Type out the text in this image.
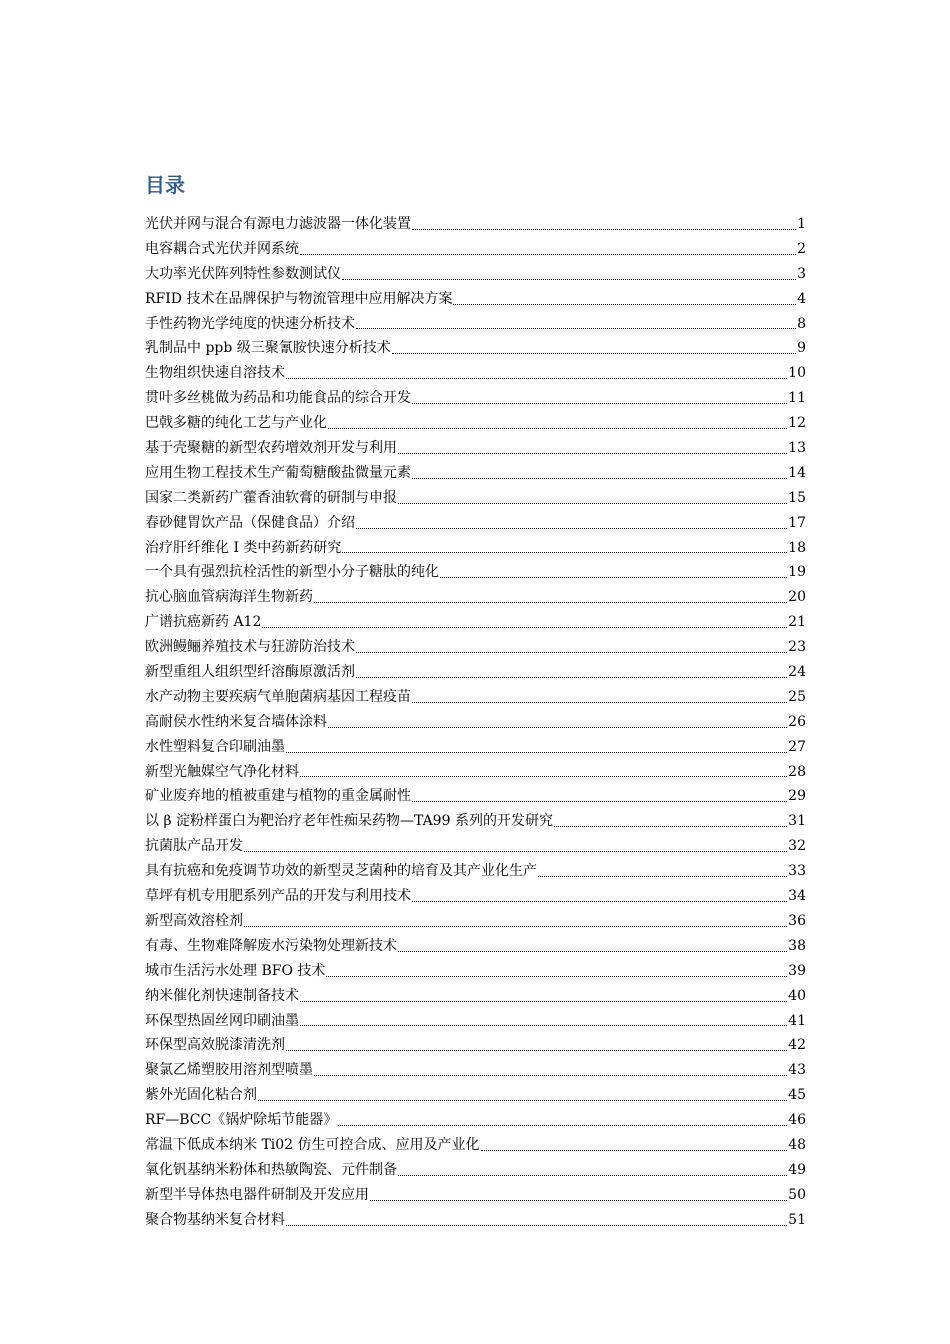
目录
光伏并网与混合有源电力滤波器一体化装置	1
电容耦合式光伏并网系统	2
大功率光伏阵列特性参数测试仪	3
RFID 技术在品牌保护与物流管理中应用解决方案	4
手性药物光学纯度的快速分析技术	8
乳制品中 ppb 级三聚氰胺快速分析技术	9
生物组织快速自溶技术	10
贯叶多丝桃做为药品和功能食品的综合开发	11
巴戟多糖的纯化工艺与产业化	12
基于壳聚糖的新型农药增效剂开发与利用	13
应用生物工程技术生产葡萄糖酸盐微量元素	14
国家二类新药广藿香油软膏的研制与申报	15
春砂健胃饮产品（保健食品）介绍	17
治疗肝纤维化 I 类中药新药研究	18
一个具有强烈抗栓活性的新型小分子糖肽的纯化	19
抗心脑血管病海洋生物新药	20
广谱抗癌新药 A12	21
欧洲鳗鲡养殖技术与狂游防治技术	23
新型重组人组织型纤溶酶原激活剂	24
水产动物主要疾病气单胞菌病基因工程疫苗	25
高耐侯水性纳米复合墙体涂料	26
水性塑料复合印刷油墨	27
新型光触媒空气净化材料	28
矿业废弃地的植被重建与植物的重金属耐性	29
以 β 淀粉样蛋白为靶治疗老年性痴呆药物—TA99 系列的开发研究	31
抗菌肽产品开发	32
具有抗癌和免疫调节功效的新型灵芝菌种的培育及其产业化生产	33
草坪有机专用肥系列产品的开发与利用技术	34
新型高效溶栓剂	36
有毒、生物难降解废水污染物处理新技术	38
城市生活污水处理 BFO 技术	39
纳米催化剂快速制备技术	40
环保型热固丝网印刷油墨	41
环保型高效脱漆清洗剂	42
聚氯乙烯塑胶用溶剂型喷墨	43
紫外光固化粘合剂	45
RF—BCC《锅炉除垢节能器》	46
常温下低成本纳米 Ti02 仿生可控合成、应用及产业化	48
氧化钒基纳米粉体和热敏陶瓷、元件制备	49
新型半导体热电器件研制及开发应用	50
聚合物基纳米复合材料	51
